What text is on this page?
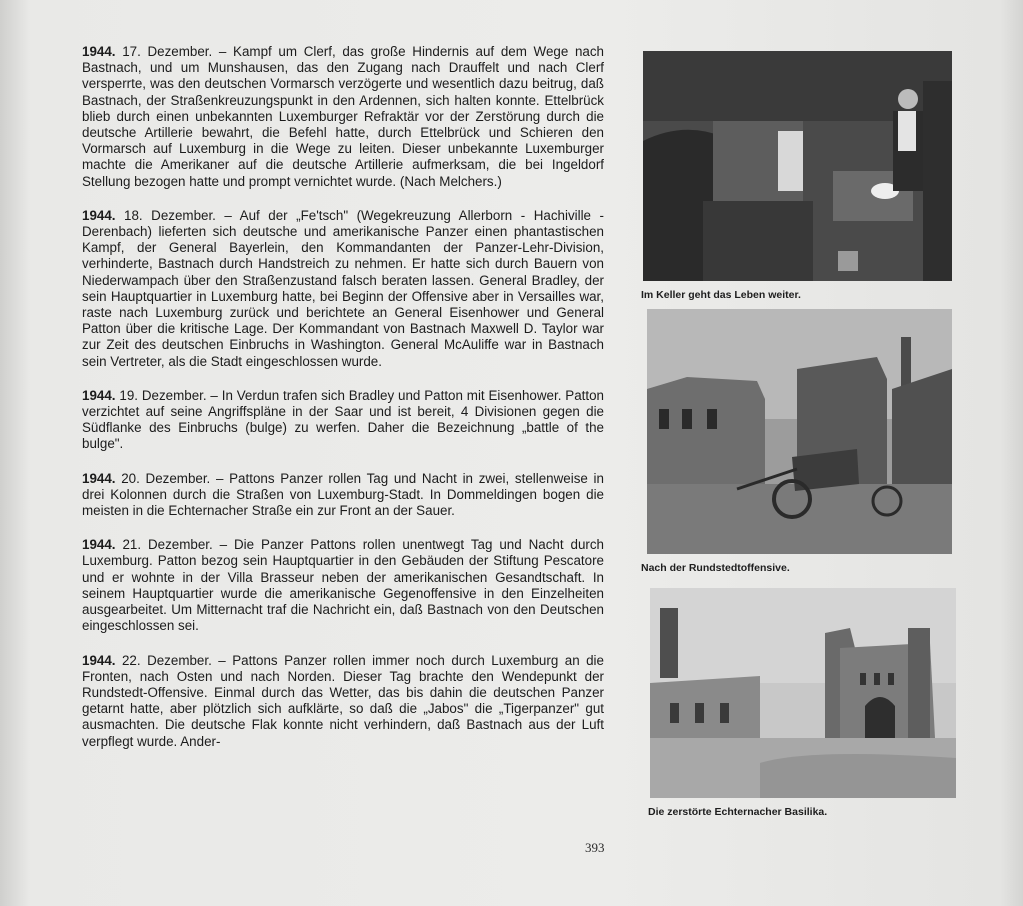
1944. 17. Dezember. – Kampf um Clerf, das große Hindernis auf dem Wege nach Bastnach, und um Munshausen, das den Zugang nach Drauffelt und nach Clerf versperrte, was den deutschen Vormarsch verzögerte und wesentlich dazu beitrug, daß Bastnach, der Straßenkreuzungspunkt in den Ardennen, sich halten konnte. Ettelbrück blieb durch einen unbekannten Luxemburger Refraktär vor der Zerstörung durch die deutsche Artillerie bewahrt, die Befehl hatte, durch Ettelbrück und Schieren den Vormarsch auf Luxemburg in die Wege zu leiten. Dieser unbekannte Luxemburger machte die Amerikaner auf die deutsche Artillerie aufmerksam, die bei Ingeldorf Stellung bezogen hatte und prompt vernichtet wurde. (Nach Melchers.)

1944. 18. Dezember. – Auf der „Fe'tsch" (Wegekreuzung Allerborn - Hachiville - Derenbach) lieferten sich deutsche und amerikanische Panzer einen phantastischen Kampf, der General Bayerlein, den Kommandanten der Panzer-Lehr-Division, verhinderte, Bastnach durch Handstreich zu nehmen. Er hatte sich durch Bauern von Niederwampach über den Straßenzustand falsch beraten lassen. General Bradley, der sein Hauptquartier in Luxemburg hatte, bei Beginn der Offensive aber in Versailles war, raste nach Luxemburg zurück und berichtete an General Eisenhower und General Patton über die kritische Lage. Der Kommandant von Bastnach Maxwell D. Taylor war zur Zeit des deutschen Einbruchs in Washington. General McAuliffe war in Bastnach sein Vertreter, als die Stadt eingeschlossen wurde.

1944. 19. Dezember. – In Verdun trafen sich Bradley und Patton mit Eisenhower. Patton verzichtet auf seine Angriffspläne in der Saar und ist bereit, 4 Divisionen gegen die Südflanke des Einbruchs (bulge) zu werfen. Daher die Bezeichnung „battle of the bulge".

1944. 20. Dezember. – Pattons Panzer rollen Tag und Nacht in zwei, stellenweise in drei Kolonnen durch die Straßen von Luxemburg-Stadt. In Dommeldingen bogen die meisten in die Echternacher Straße ein zur Front an der Sauer.

1944. 21. Dezember. – Die Panzer Pattons rollen unentwegt Tag und Nacht durch Luxemburg. Patton bezog sein Hauptquartier in den Gebäuden der Stiftung Pescatore und er wohnte in der Villa Brasseur neben der amerikanischen Gesandtschaft. In seinem Hauptquartier wurde die amerikanische Gegenoffensive in den Einzelheiten ausgearbeitet. Um Mitternacht traf die Nachricht ein, daß Bastnach von den Deutschen eingeschlossen sei.

1944. 22. Dezember. – Pattons Panzer rollen immer noch durch Luxemburg an die Fronten, nach Osten und nach Norden. Dieser Tag brachte den Wendepunkt der Rundstedt-Offensive. Einmal durch das Wetter, das bis dahin die deutschen Panzer getarnt hatte, aber plötzlich sich aufklärte, so daß die „Jabos" die „Tigerpanzer" gut ausmachten. Die deutsche Flak konnte nicht verhindern, daß Bastnach aus der Luft verpflegt wurde. Ander-

Im Keller geht das Leben weiter.
Nach der Rundstedtoffensive.
Die zerstörte Echternacher Basilika.
393
